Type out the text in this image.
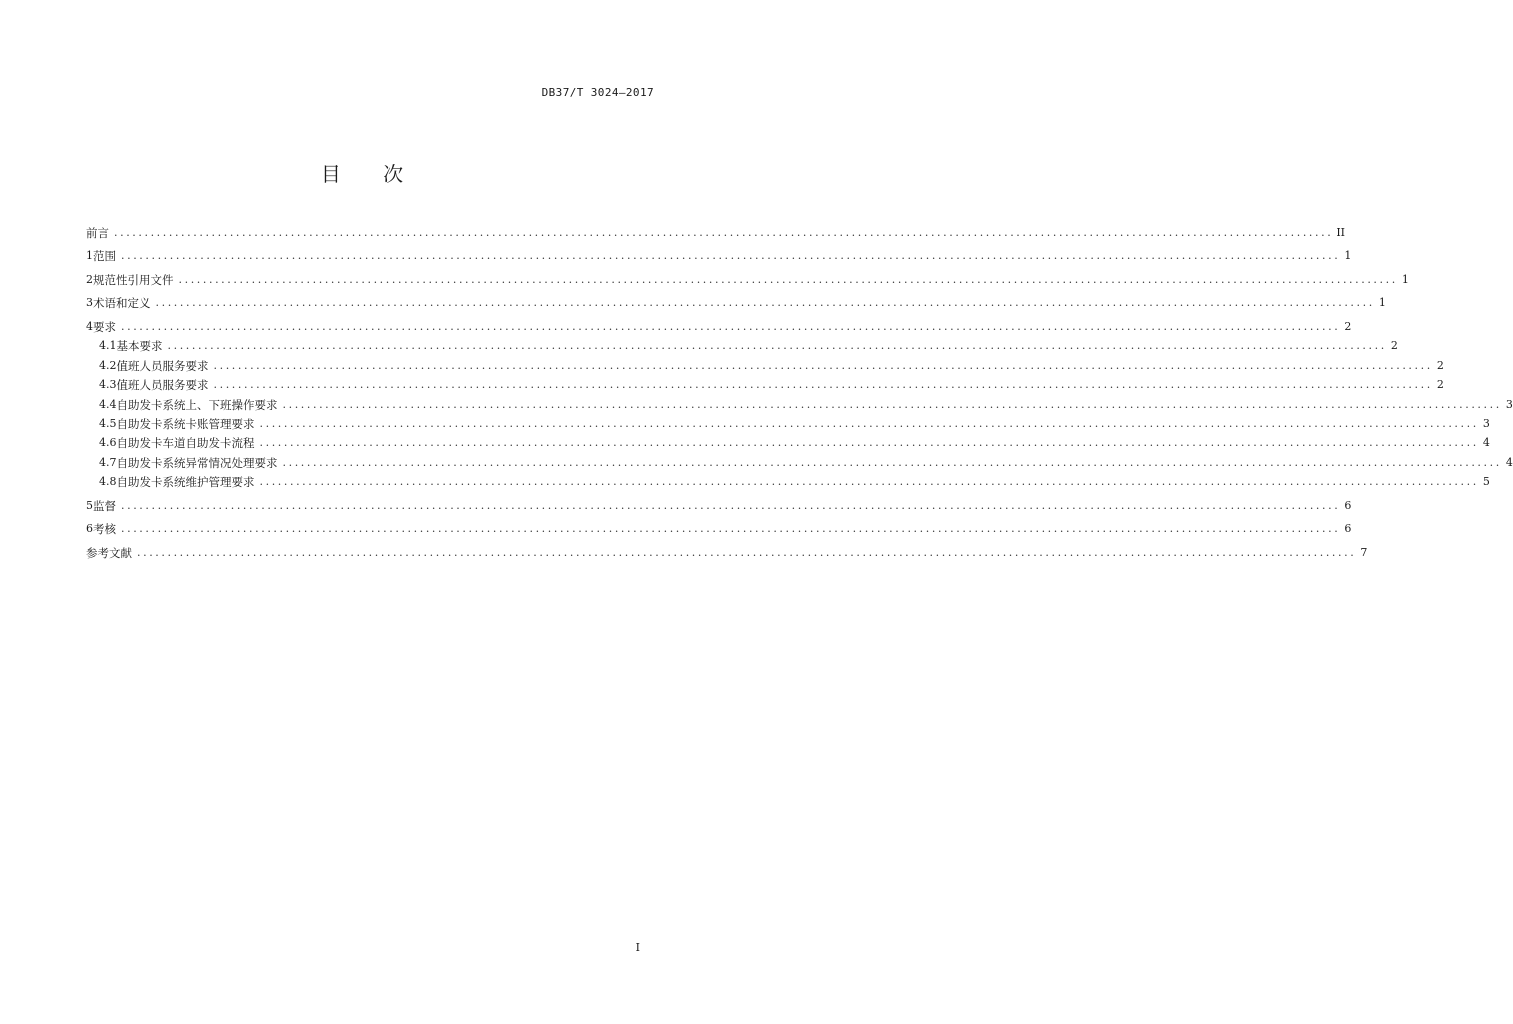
DB37/T 3024—2017
目 次
前言 ........................................................................................................................................................................................................ II
1 范围 ........................................................................................................................................................................................................ 1
2 规范性引用文件 ........................................................................................................................................................................................................ 1
3 术语和定义 ........................................................................................................................................................................................................ 1
4 要求 ........................................................................................................................................................................................................ 2
4.1 基本要求 ........................................................................................................................................................................................................ 2
4.2 值班人员服务要求 ........................................................................................................................................................................................................ 2
4.3 值班人员服务要求 ........................................................................................................................................................................................................ 2
4.4 自助发卡系统上、下班操作要求 ........................................................................................................................................................................................................ 3
4.5 自助发卡系统卡账管理要求 ........................................................................................................................................................................................................ 3
4.6 自助发卡车道自助发卡流程 ........................................................................................................................................................................................................ 4
4.7 自助发卡系统异常情况处理要求 ........................................................................................................................................................................................................ 4
4.8 自助发卡系统维护管理要求 ........................................................................................................................................................................................................ 5
5 监督 ........................................................................................................................................................................................................ 6
6 考核 ........................................................................................................................................................................................................ 6
参考文献 ........................................................................................................................................................................................................ 7
I
